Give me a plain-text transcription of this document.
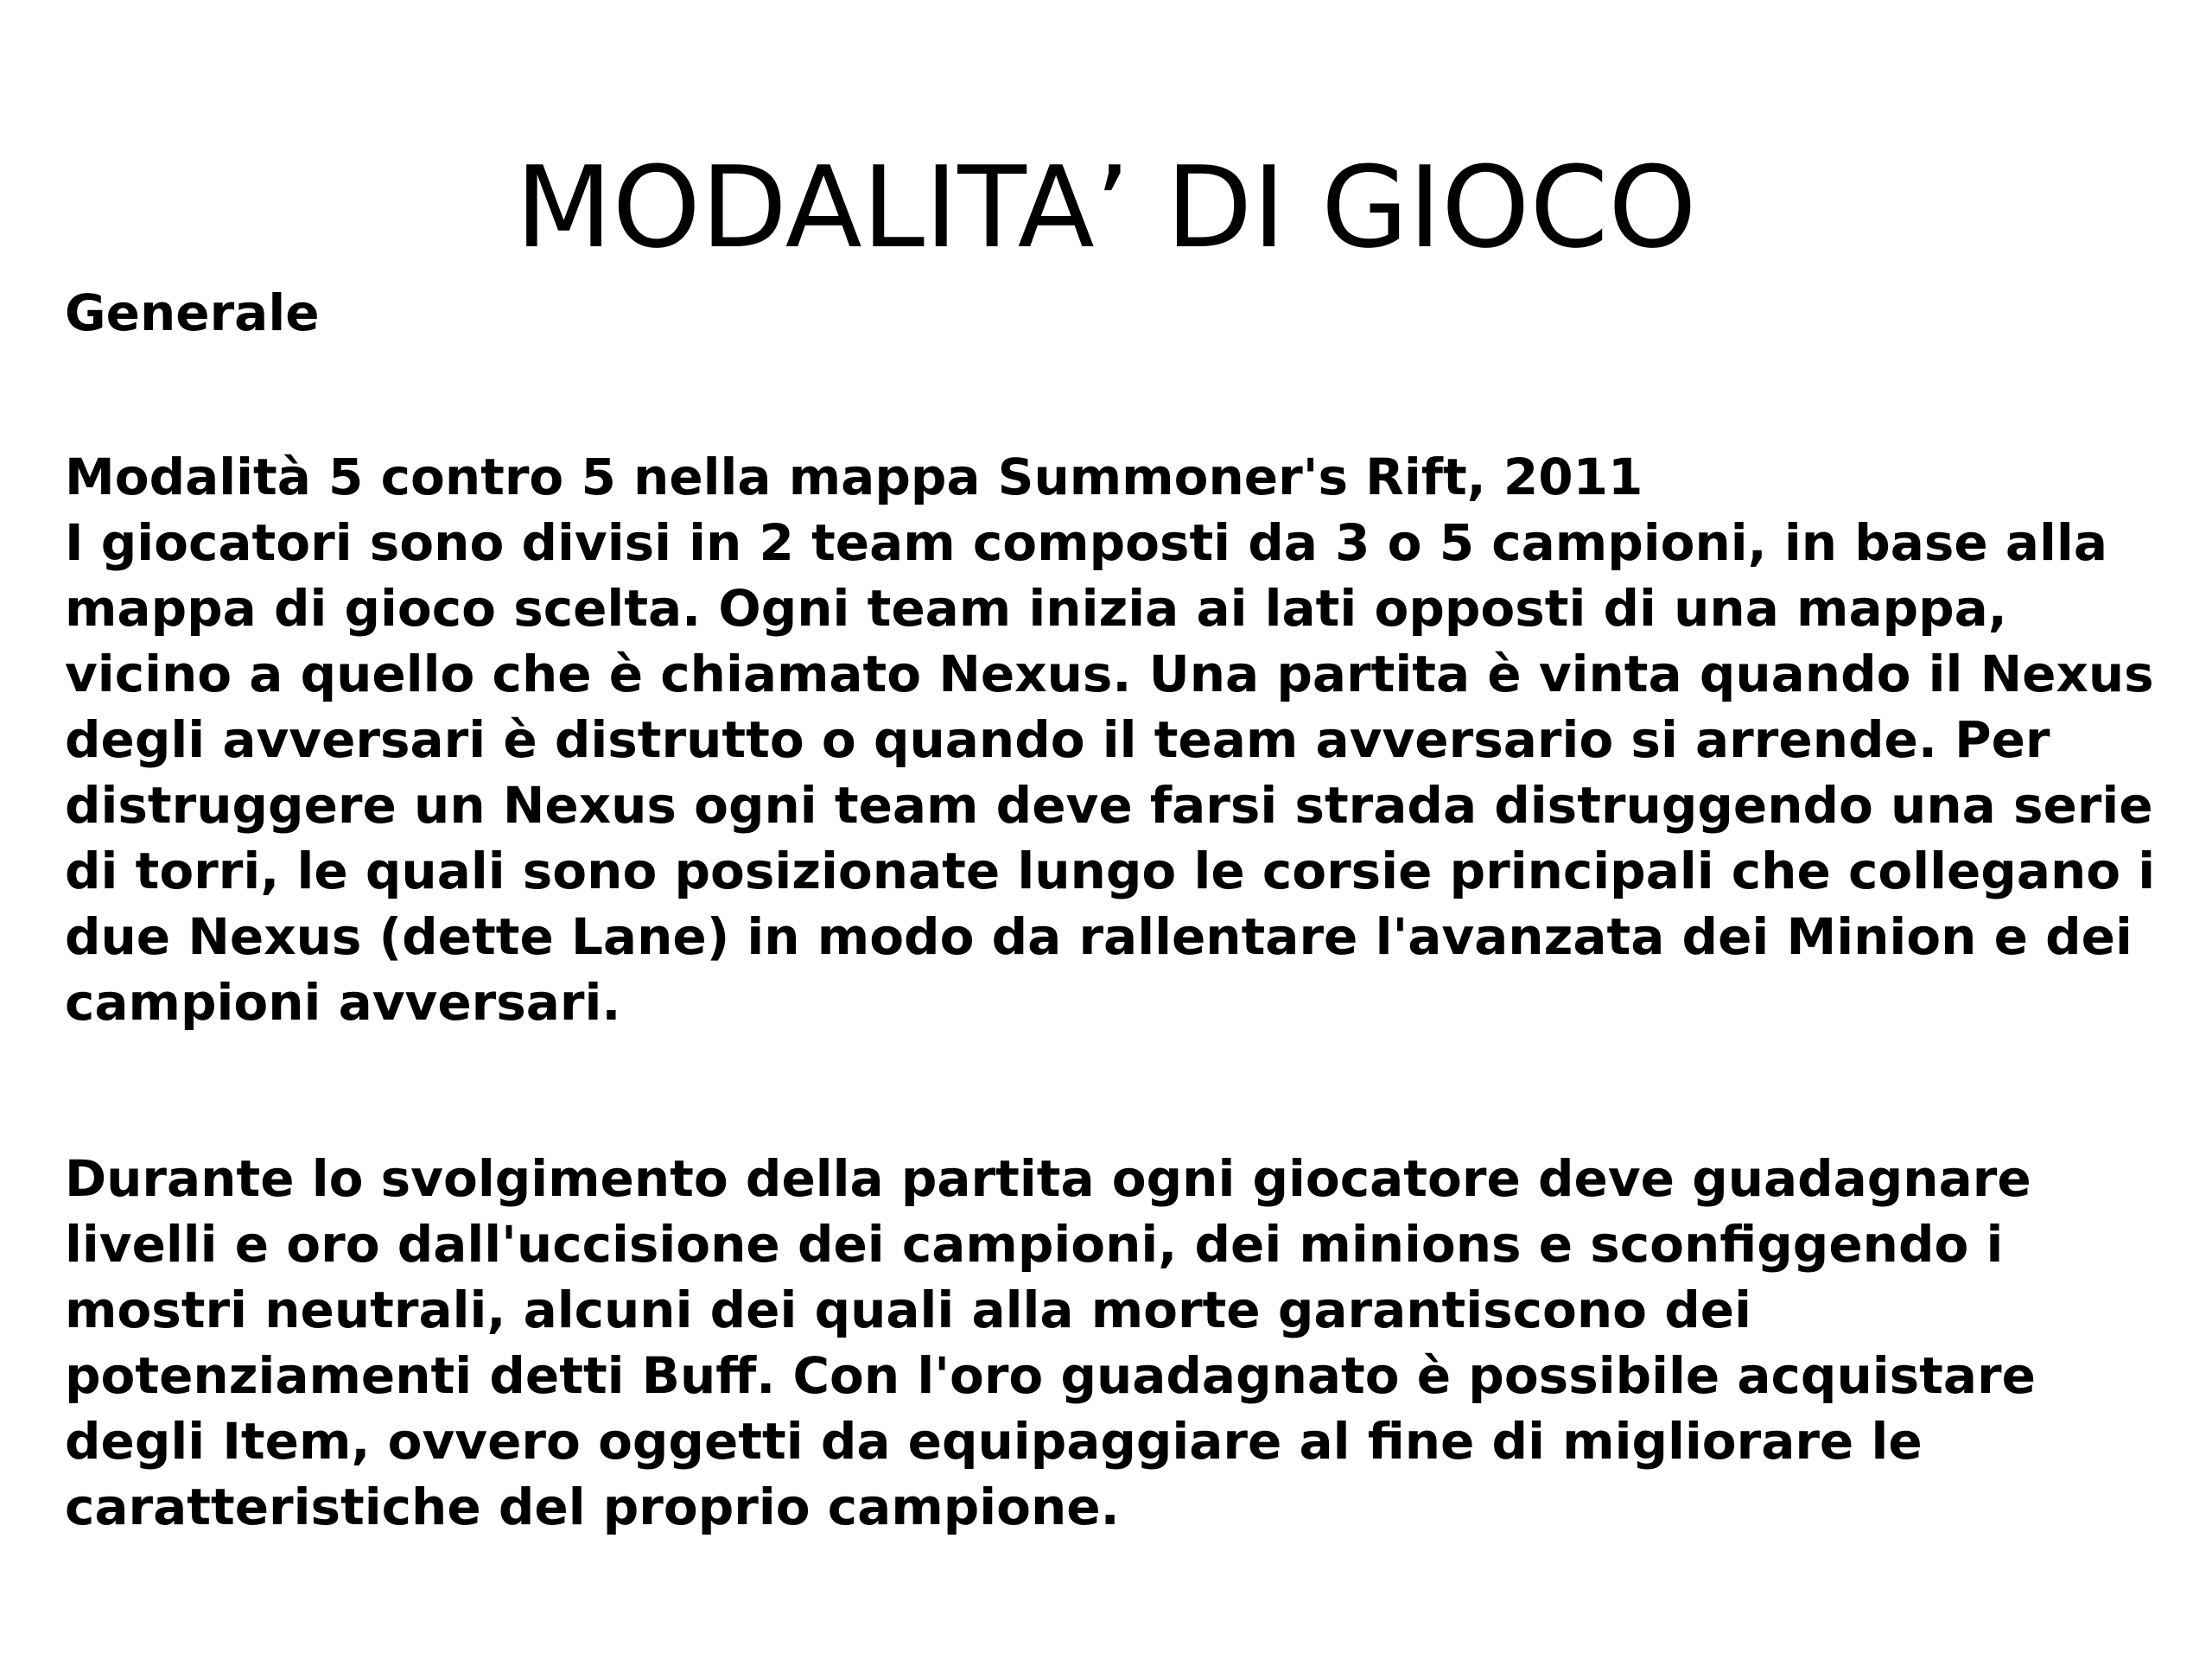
MODALITA’ DI GIOCO

Generale

Modalità 5 contro 5 nella mappa Summoner's Rift, 2011

I giocatori sono divisi in 2 team composti da 3 o 5 campioni, in base alla mappa di gioco scelta. Ogni team inizia ai lati opposti di una mappa, vicino a quello che è chiamato Nexus. Una partita è vinta quando il Nexus degli avversari è distrutto o quando il team avversario si arrende. Per distruggere un Nexus ogni team deve farsi strada distruggendo una serie di torri, le quali sono posizionate lungo le corsie principali che collegano i due Nexus (dette Lane) in modo da rallentare l'avanzata dei Minion e dei campioni avversari.

Durante lo svolgimento della partita ogni giocatore deve guadagnare livelli e oro dall'uccisione dei campioni, dei minions e sconfiggendo i mostri neutrali, alcuni dei quali alla morte garantiscono dei potenziamenti detti Buff. Con l'oro guadagnato è possibile acquistare degli Item, ovvero oggetti da equipaggiare al fine di migliorare le caratteristiche del proprio campione.
